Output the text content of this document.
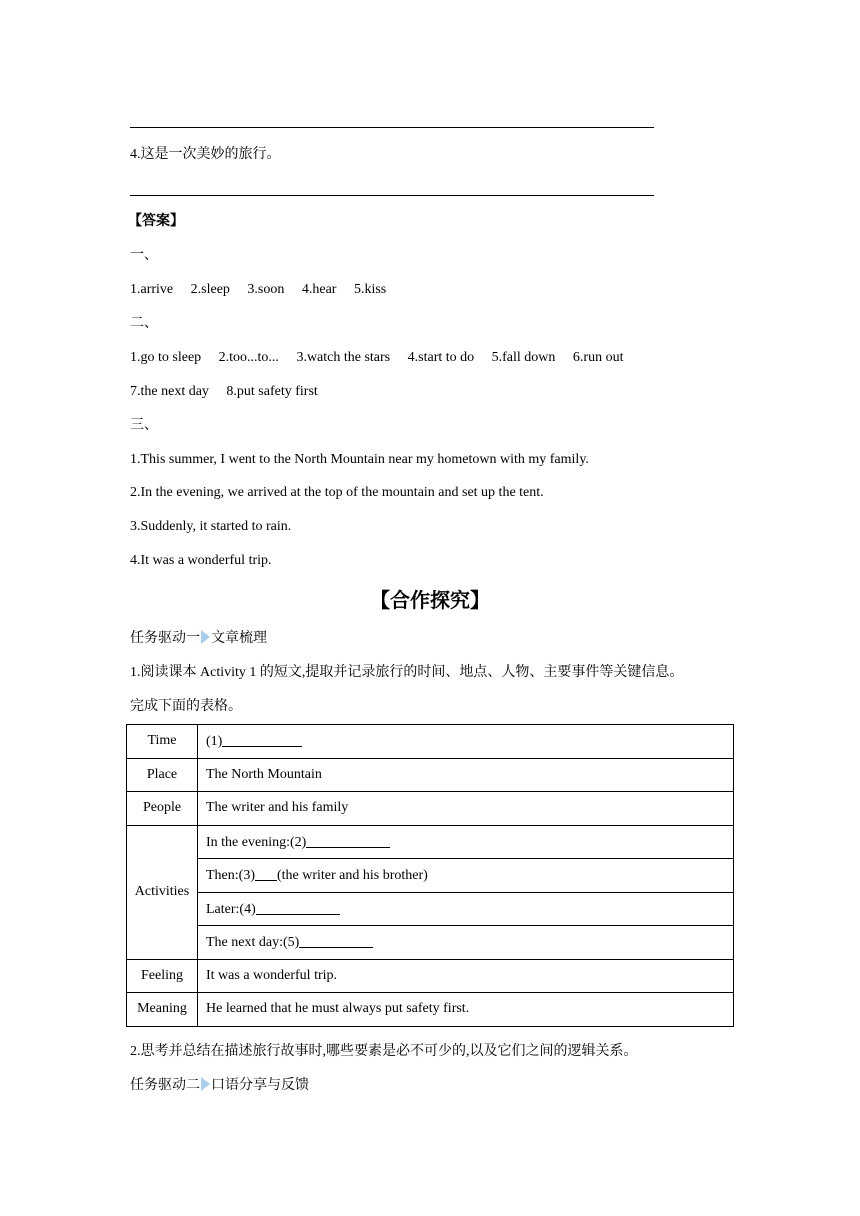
4.这是一次美妙的旅行。
【答案】
一、
1.arrive 2.sleep 3.soon 4.hear 5.kiss
二、
1.go to sleep 2.too...to... 3.watch the stars 4.start to do 5.fall down 6.run out
7.the next day 8.put safety first
三、
1.This summer, I went to the North Mountain near my hometown with my family.
2.In the evening, we arrived at the top of the mountain and set up the tent.
3.Suddenly, it started to rain.
4.It was a wonderful trip.
【合作探究】
任务驱动一 文章梳理
1.阅读课本 Activity 1 的短文,提取并记录旅行的时间、地点、人物、主要事件等关键信息。
完成下面的表格。
Time	(1)
Place	The North Mountain
People	The writer and his family
Activities	In the evening:(2)
	Then:(3) (the writer and his brother)
	Later:(4)
	The next day:(5)
Feeling	It was a wonderful trip.
Meaning	He learned that he must always put safety first.
2.思考并总结在描述旅行故事时,哪些要素是必不可少的,以及它们之间的逻辑关系。
任务驱动二 口语分享与反馈
